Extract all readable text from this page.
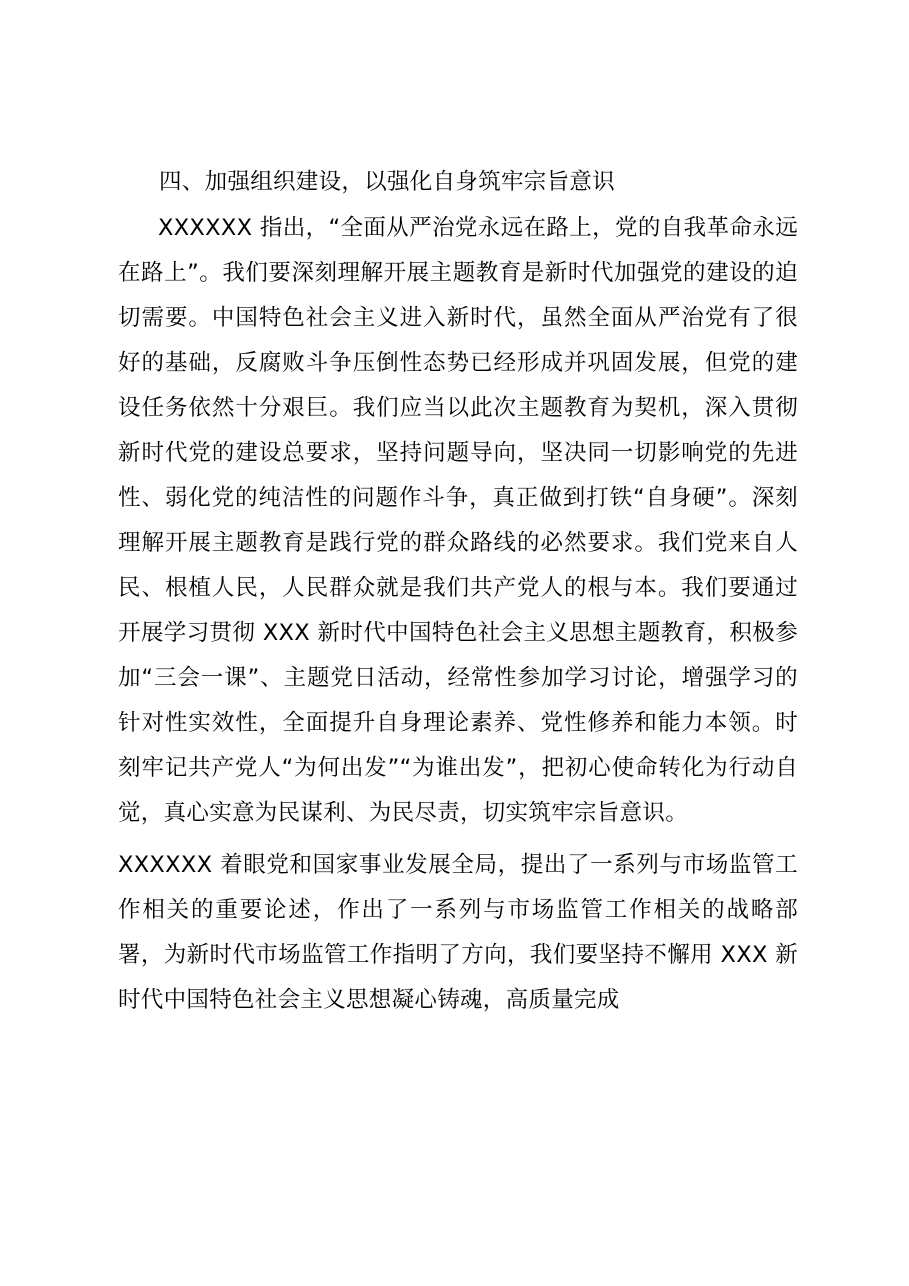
四、加强组织建设，以强化自身筑牢宗旨意识

XXXXXX 指出，“全面从严治党永远在路上，党的自我革命永远在路上”。我们要深刻理解开展主题教育是新时代加强党的建设的迫切需要。中国特色社会主义进入新时代，虽然全面从严治党有了很好的基础，反腐败斗争压倒性态势已经形成并巩固发展，但党的建设任务依然十分艰巨。我们应当以此次主题教育为契机，深入贯彻新时代党的建设总要求，坚持问题导向，坚决同一切影响党的先进性、弱化党的纯洁性的问题作斗争，真正做到打铁“自身硬”。深刻理解开展主题教育是践行党的群众路线的必然要求。我们党来自人民、根植人民，人民群众就是我们共产党人的根与本。我们要通过开展学习贯彻 XXX 新时代中国特色社会主义思想主题教育，积极参加“三会一课”、主题党日活动，经常性参加学习讨论，增强学习的针对性实效性，全面提升自身理论素养、党性修养和能力本领。时刻牢记共产党人“为何出发”“为谁出发”，把初心使命转化为行动自觉，真心实意为民谋利、为民尽责，切实筑牢宗旨意识。

XXXXXX 着眼党和国家事业发展全局，提出了一系列与市场监管工作相关的重要论述，作出了一系列与市场监管工作相关的战略部署，为新时代市场监管工作指明了方向，我们要坚持不懈用 XXX 新时代中国特色社会主义思想凝心铸魂，高质量完成
